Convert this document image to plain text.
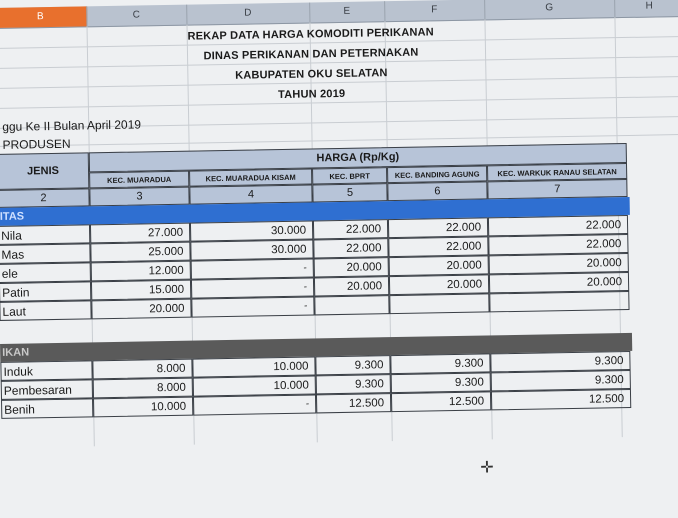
B	C	D	E	F	G	H
REKAP DATA HARGA KOMODITI PERIKANAN
DINAS PERIKANAN DAN PETERNAKAN
KABUPATEN OKU SELATAN
TAHUN 2019
ggu Ke II Bulan April 2019
PRODUSEN
JENIS
HARGA (Rp/Kg)
KEC. MUARADUA	KEC. MUARADUA KISAM	KEC. BPRT	KEC. BANDING AGUNG	KEC. WARKUK RANAU SELATAN
2	3	4	5	6	7
ITAS
Nila	27.000	30.000	22.000	22.000	22.000
Mas	25.000	30.000	22.000	22.000	22.000
ele	12.000	-	20.000	20.000	20.000
Patin	15.000	-	20.000	20.000	20.000
Laut	20.000	-
IKAN
Induk	8.000	10.000	9.300	9.300	9.300
Pembesaran	8.000	10.000	9.300	9.300	9.300
Benih	10.000	-	12.500	12.500	12.500
✛
